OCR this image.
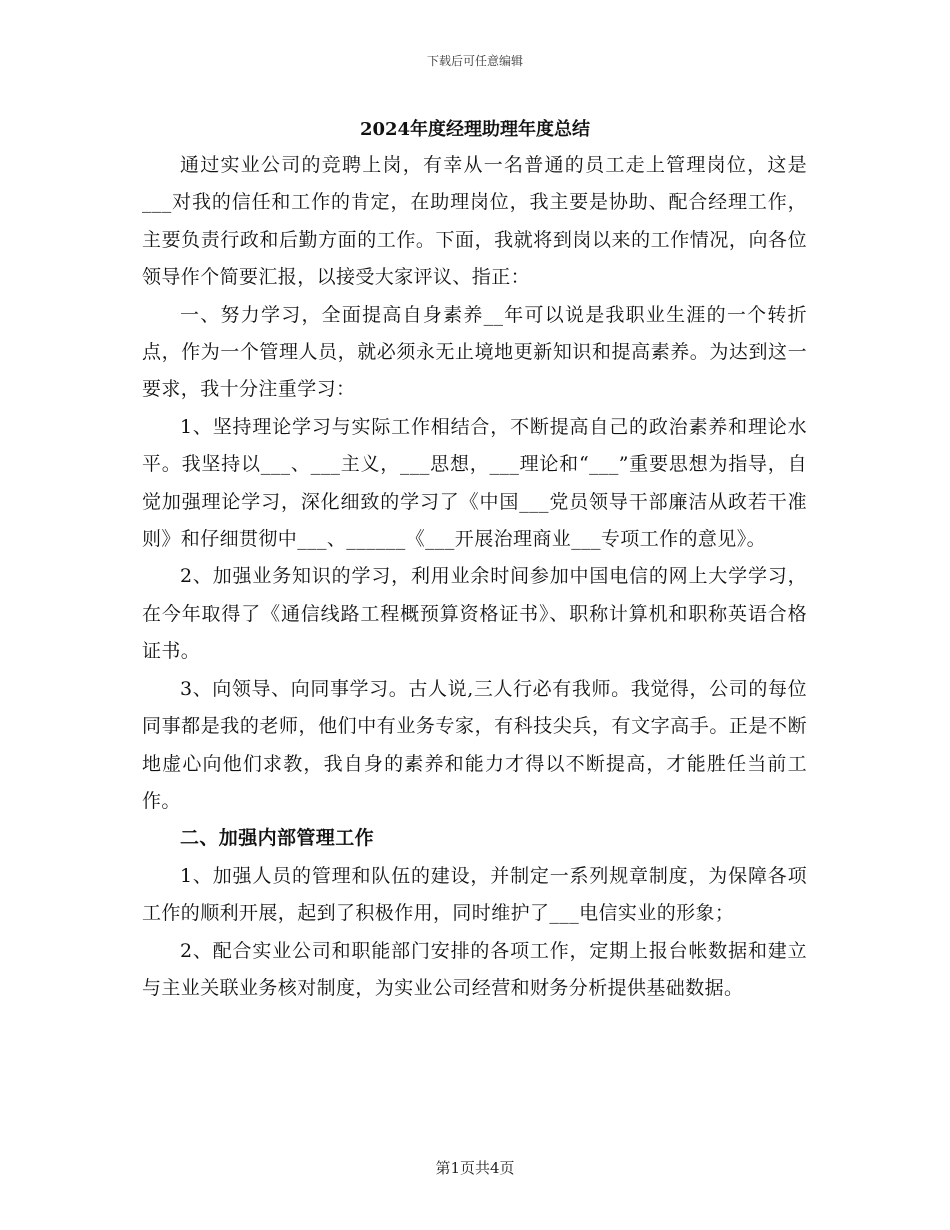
下载后可任意编辑
2024年度经理助理年度总结

通过实业公司的竞聘上岗，有幸从一名普通的员工走上管理岗位，这是___对我的信任和工作的肯定，在助理岗位，我主要是协助、配合经理工作，主要负责行政和后勤方面的工作。下面，我就将到岗以来的工作情况，向各位领导作个简要汇报，以接受大家评议、指正：

一、努力学习，全面提高自身素养__年可以说是我职业生涯的一个转折点，作为一个管理人员，就必须永无止境地更新知识和提高素养。为达到这一要求，我十分注重学习：

1、坚持理论学习与实际工作相结合，不断提高自己的政治素养和理论水平。我坚持以___、___主义，___思想，___理论和“___”重要思想为指导，自觉加强理论学习，深化细致的学习了《中国___党员领导干部廉洁从政若干准则》和仔细贯彻中___、______《___开展治理商业___专项工作的意见》。

2、加强业务知识的学习，利用业余时间参加中国电信的网上大学学习，在今年取得了《通信线路工程概预算资格证书》、职称计算机和职称英语合格证书。

3、向领导、向同事学习。古人说,三人行必有我师。我觉得，公司的每位同事都是我的老师，他们中有业务专家，有科技尖兵，有文字高手。正是不断地虚心向他们求教，我自身的素养和能力才得以不断提高，才能胜任当前工作。

二、加强内部管理工作

1、加强人员的管理和队伍的建设，并制定一系列规章制度，为保障各项工作的顺利开展，起到了积极作用，同时维护了___电信实业的形象；

2、配合实业公司和职能部门安排的各项工作，定期上报台帐数据和建立与主业关联业务核对制度，为实业公司经营和财务分析提供基础数据。

第1页共4页
